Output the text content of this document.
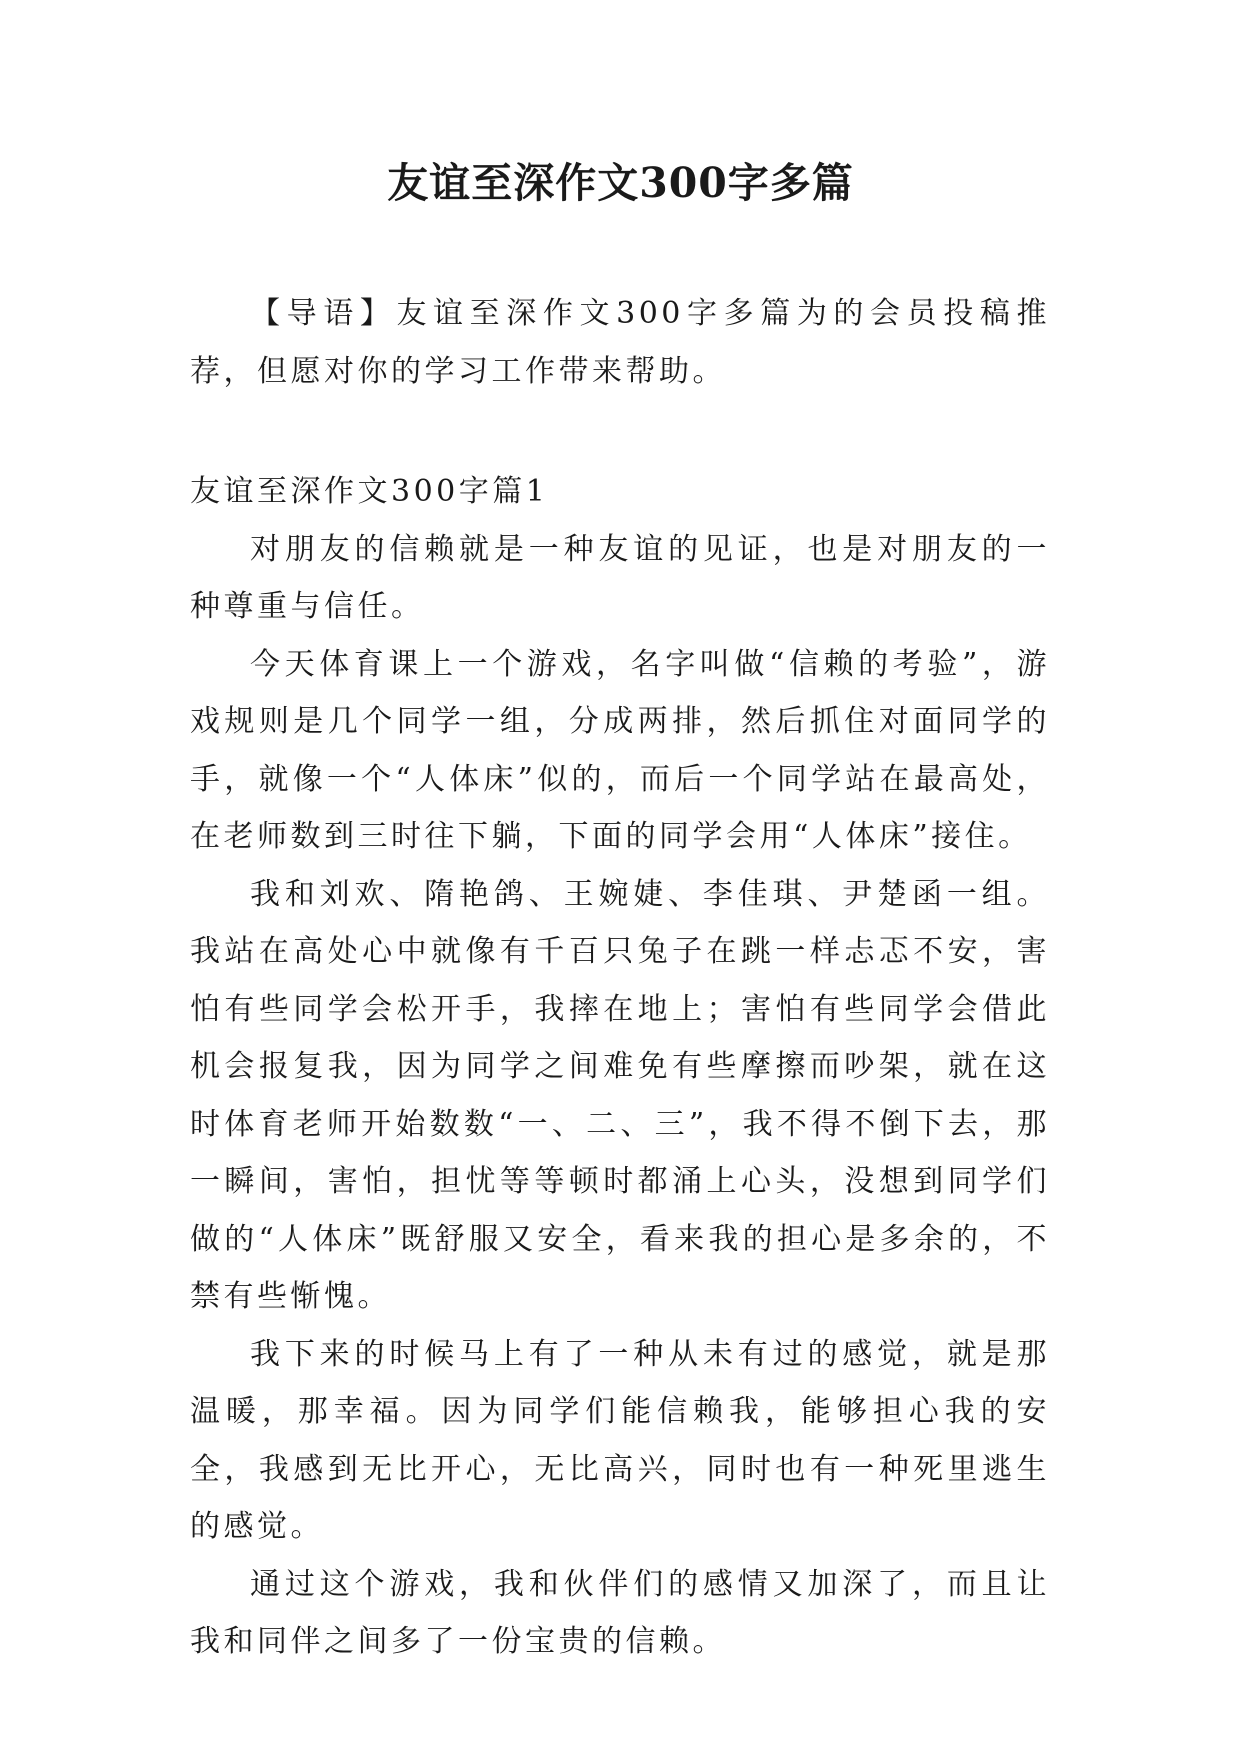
友谊至深作文300字多篇

【导语】友谊至深作文300字多篇为的会员投稿推荐，但愿对你的学习工作带来帮助。

友谊至深作文300字篇1

对朋友的信赖就是一种友谊的见证，也是对朋友的一种尊重与信任。

今天体育课上一个游戏，名字叫做“信赖的考验”，游戏规则是几个同学一组，分成两排，然后抓住对面同学的手，就像一个“人体床”似的，而后一个同学站在最高处，在老师数到三时往下躺，下面的同学会用“人体床”接住。

我和刘欢、隋艳鸽、王婉婕、李佳琪、尹楚函一组。我站在高处心中就像有千百只兔子在跳一样忐忑不安，害怕有些同学会松开手，我摔在地上；害怕有些同学会借此机会报复我，因为同学之间难免有些摩擦而吵架，就在这时体育老师开始数数“一、二、三”，我不得不倒下去，那一瞬间，害怕，担忧等等顿时都涌上心头，没想到同学们做的“人体床”既舒服又安全，看来我的担心是多余的，不禁有些惭愧。

我下来的时候马上有了一种从未有过的感觉，就是那温暖，那幸福。因为同学们能信赖我，能够担心我的安全，我感到无比开心，无比高兴，同时也有一种死里逃生的感觉。

通过这个游戏，我和伙伴们的感情又加深了，而且让我和同伴之间多了一份宝贵的信赖。
